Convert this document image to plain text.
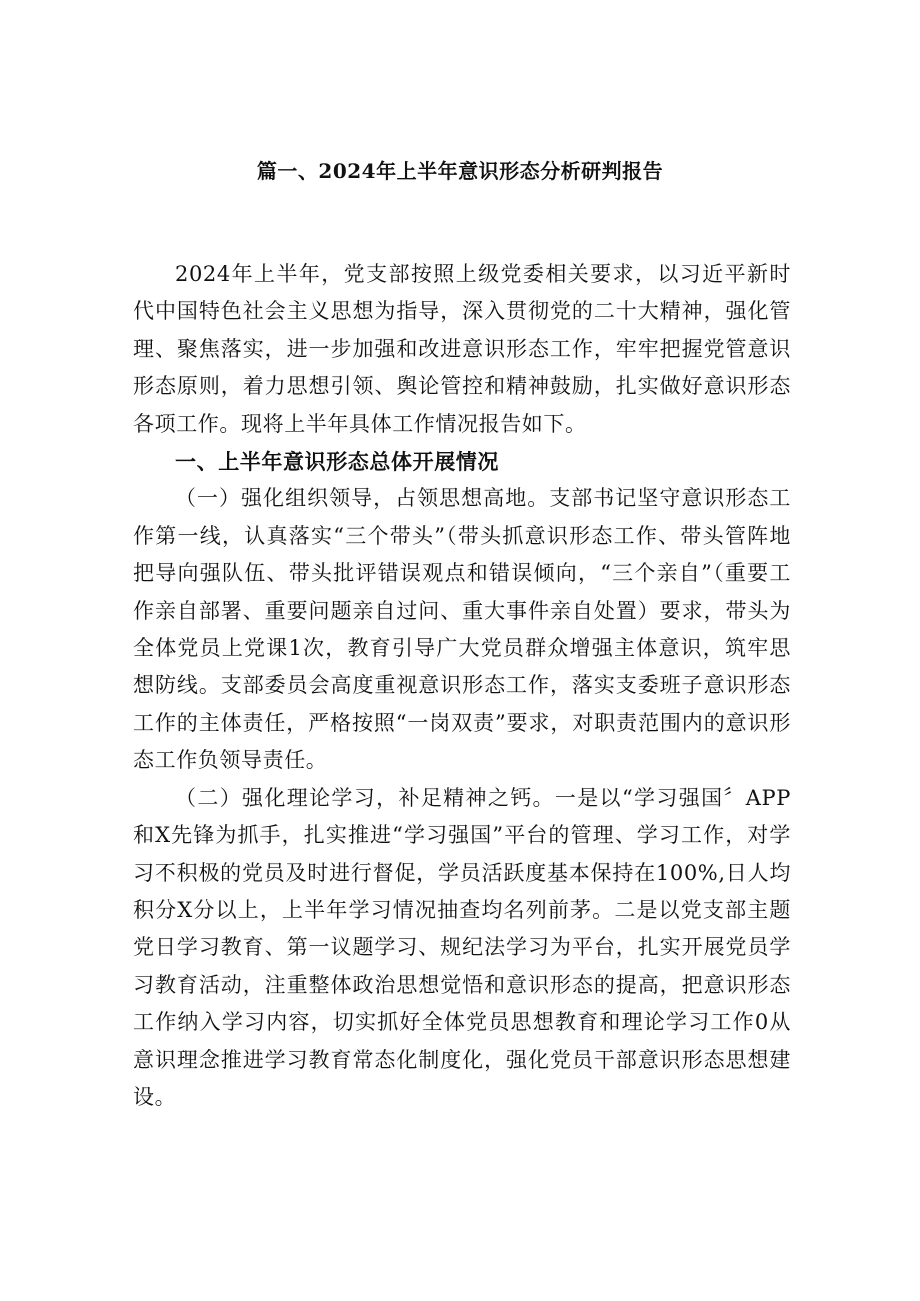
篇一、2024年上半年意识形态分析研判报告

2024年上半年，党支部按照上级党委相关要求，以习近平新时代中国特色社会主义思想为指导，深入贯彻党的二十大精神，强化管理、聚焦落实，进一步加强和改进意识形态工作，牢牢把握党管意识形态原则，着力思想引领、舆论管控和精神鼓励，扎实做好意识形态各项工作。现将上半年具体工作情况报告如下。

一、上半年意识形态总体开展情况

（一）强化组织领导，占领思想高地。支部书记坚守意识形态工作第一线，认真落实“三个带头”（带头抓意识形态工作、带头管阵地把导向强队伍、带头批评错误观点和错误倾向，“三个亲自”（重要工作亲自部署、重要问题亲自过问、重大事件亲自处置）要求，带头为全体党员上党课1次，教育引导广大党员群众增强主体意识，筑牢思想防线。支部委员会高度重视意识形态工作，落实支委班子意识形态工作的主体责任，严格按照“一岗双责”要求，对职责范围内的意识形态工作负领导责任。

（二）强化理论学习，补足精神之钙。一是以“学习强国〞APP和X先锋为抓手，扎实推进“学习强国”平台的管理、学习工作，对学习不积极的党员及时进行督促，学员活跃度基本保持在100%,日人均积分X分以上，上半年学习情况抽查均名列前茅。二是以党支部主题党日学习教育、第一议题学习、规纪法学习为平台，扎实开展党员学习教育活动，注重整体政治思想觉悟和意识形态的提高，把意识形态工作纳入学习内容，切实抓好全体党员思想教育和理论学习工作0从意识理念推进学习教育常态化制度化，强化党员干部意识形态思想建设。
